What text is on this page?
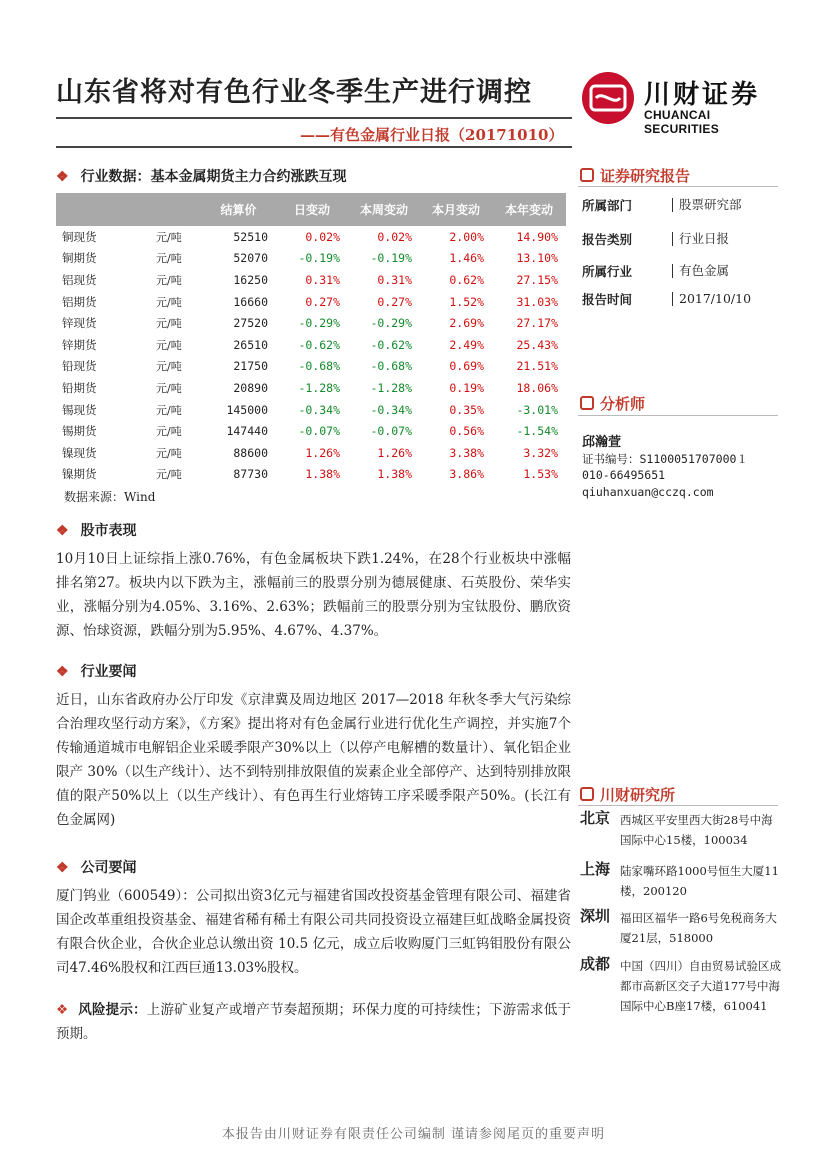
山东省将对有色行业冬季生产进行调控
——有色金属行业日报（20171010）
川财证券
CHUANCAI SECURITIES
❖ 行业数据：基本金属期货主力合约涨跌互现
		结算价	日变动	本周变动	本月变动	本年变动
铜现货	元/吨	52510	0.02%	0.02%	2.00%	14.90%
铜期货	元/吨	52070	-0.19%	-0.19%	1.46%	13.10%
铝现货	元/吨	16250	0.31%	0.31%	0.62%	27.15%
铝期货	元/吨	16660	0.27%	0.27%	1.52%	31.03%
锌现货	元/吨	27520	-0.29%	-0.29%	2.69%	27.17%
锌期货	元/吨	26510	-0.62%	-0.62%	2.49%	25.43%
铅现货	元/吨	21750	-0.68%	-0.68%	0.69%	21.51%
铅期货	元/吨	20890	-1.28%	-1.28%	0.19%	18.06%
锡现货	元/吨	145000	-0.34%	-0.34%	0.35%	-3.01%
锡期货	元/吨	147440	-0.07%	-0.07%	0.56%	-1.54%
镍现货	元/吨	88600	1.26%	1.26%	3.38%	3.32%
镍期货	元/吨	87730	1.38%	1.38%	3.86%	1.53%
数据来源：Wind
❖ 股市表现
10月10日上证综指上涨0.76%，有色金属板块下跌1.24%，在28个行业板块中涨幅排名第27。板块内以下跌为主，涨幅前三的股票分别为德展健康、石英股份、荣华实业，涨幅分别为4.05%、3.16%、2.63%；跌幅前三的股票分别为宝钛股份、鹏欣资源、怡球资源，跌幅分别为5.95%、4.67%、4.37%。
❖ 行业要闻
近日，山东省政府办公厅印发《京津冀及周边地区 2017—2018 年秋冬季大气污染综合治理攻坚行动方案》，《方案》提出将对有色金属行业进行优化生产调控，并实施7个传输通道城市电解铝企业采暖季限产30%以上（以停产电解槽的数量计）、氧化铝企业限产 30%（以生产线计）、达不到特别排放限值的炭素企业全部停产、达到特别排放限值的限产50%以上（以生产线计）、有色再生行业熔铸工序采暖季限产50%。(长江有色金属网)
❖ 公司要闻
厦门钨业（600549）：公司拟出资3亿元与福建省国改投资基金管理有限公司、福建省国企改革重组投资基金、福建省稀有稀土有限公司共同投资设立福建巨虹战略金属投资有限合伙企业，合伙企业总认缴出资 10.5 亿元，成立后收购厦门三虹钨钼股份有限公司47.46%股权和江西巨通13.03%股权。
❖ 风险提示：上游矿业复产或增产节奏超预期；环保力度的可持续性；下游需求低于预期。
证券研究报告
所属部门	股票研究部
报告类别	行业日报
所属行业	有色金属
报告时间	2017/10/10
分析师
邱瀚萱
证书编号：S1100051707000１
010-66495651
qiuhanxuan@cczq.com
川财研究所
北京 西城区平安里西大街28号中海国际中心15楼，100034
上海 陆家嘴环路1000号恒生大厦11楼，200120
深圳 福田区福华一路6号免税商务大厦21层，518000
成都 中国（四川）自由贸易试验区成都市高新区交子大道177号中海国际中心B座17楼，610041
本报告由川财证券有限责任公司编制 谨请参阅尾页的重要声明
